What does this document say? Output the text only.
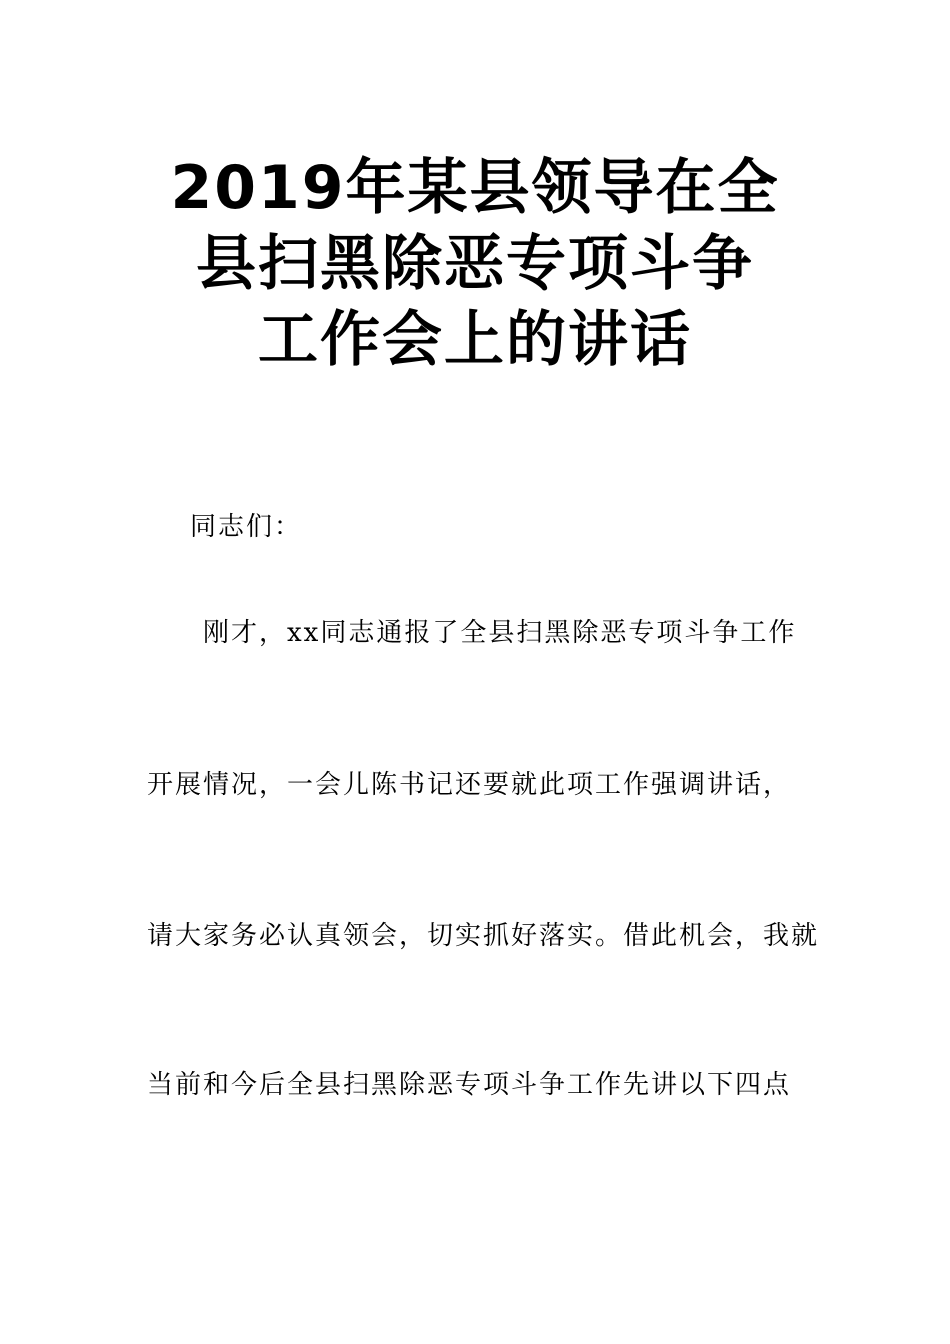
2019年某县领导在全
县扫黑除恶专项斗争
工作会上的讲话
同志们：
刚才，xx同志通报了全县扫黑除恶专项斗争工作
开展情况，一会儿陈书记还要就此项工作强调讲话，
请大家务必认真领会，切实抓好落实。借此机会，我就
当前和今后全县扫黑除恶专项斗争工作先讲以下四点
